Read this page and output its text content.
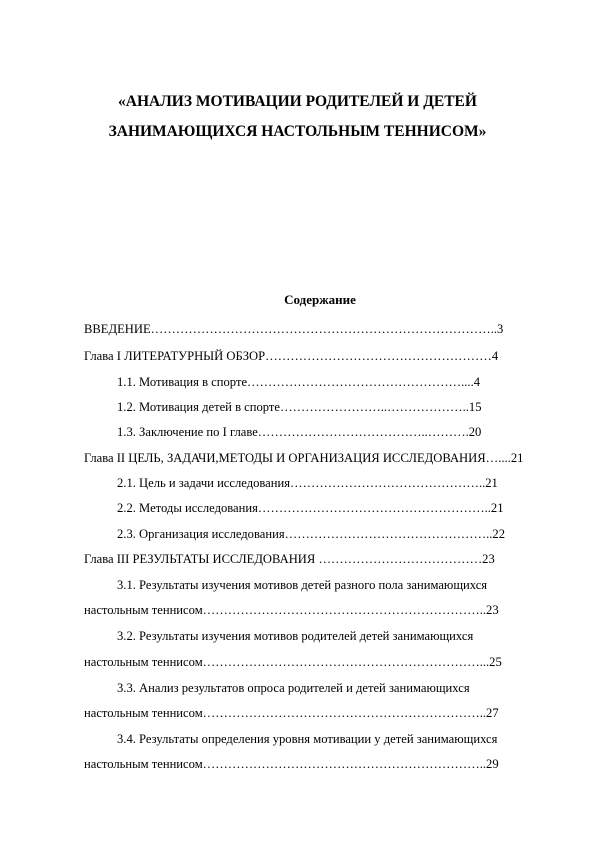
«АНАЛИЗ МОТИВАЦИИ РОДИТЕЛЕЙ И ДЕТЕЙ
ЗАНИМАЮЩИХСЯ НАСТОЛЬНЫМ ТЕННИСОМ»
Содержание
ВВЕДЕНИЕ………………………………………………………………………..3
Глава I ЛИТЕРАТУРНЫЙ ОБЗОР………………………………………………4
1.1. Мотивация в спорте……………………………………………....4
1.2. Мотивация детей в спорте……………………..………………..15
1.3. Заключение по I главе…………………………………..……….20
Глава II ЦЕЛЬ, ЗАДАЧИ,МЕТОДЫ И ОРГАНИЗАЦИЯ ИССЛЕДОВАНИЯ…....21
2.1. Цель и задачи исследования………………………………………..21
2.2. Методы исследования………………………………………………..21
2.3. Организация исследования…………………………………………..22
Глава III РЕЗУЛЬТАТЫ ИССЛЕДОВАНИЯ …………………………………23
3.1. Результаты изучения мотивов детей разного пола занимающихся
настольным теннисом…………………………………………………………..23
3.2. Результаты изучения мотивов родителей детей занимающихся
настольным теннисом…………………………………………………………...25
3.3. Анализ результатов опроса родителей и детей занимающихся
настольным теннисом…………………………………………………………..27
3.4. Результаты определения уровня мотивации у детей занимающихся
настольным теннисом…………………………………………………………..29
